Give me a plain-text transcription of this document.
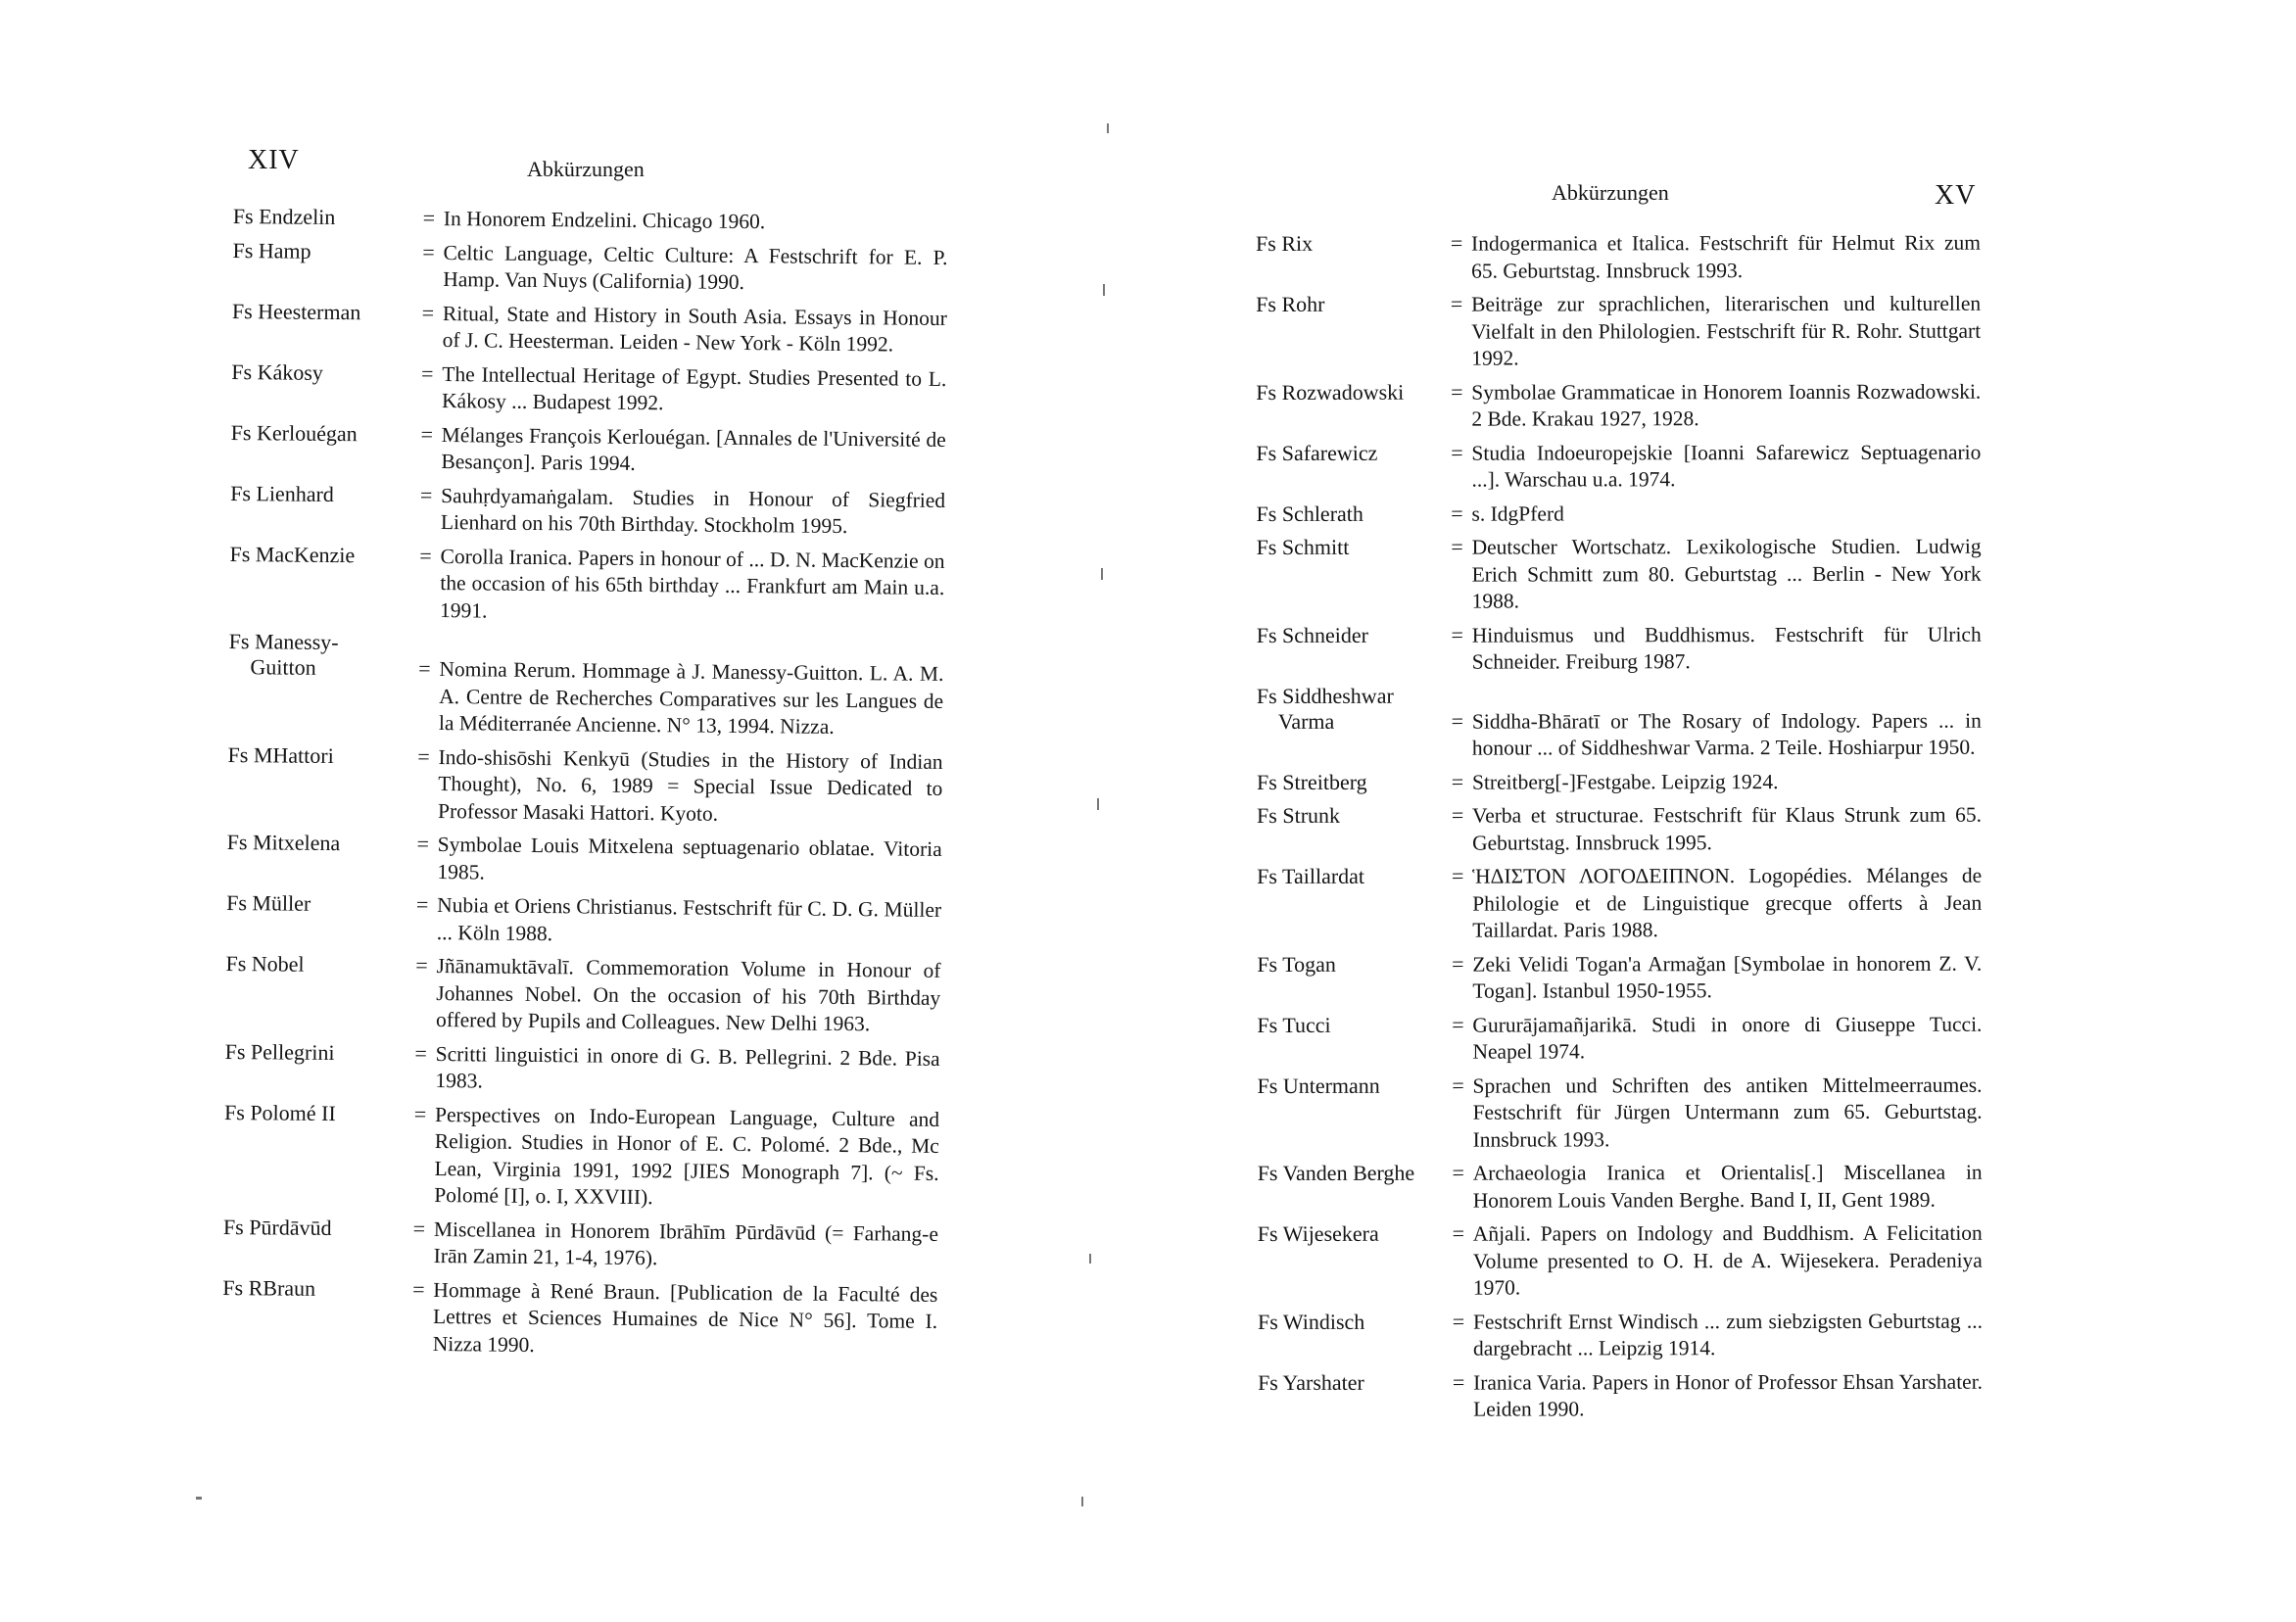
XIV	Abkürzungen
Fs Endzelin	= In Honorem Endzelini. Chicago 1960.
Fs Hamp	= Celtic Language, Celtic Culture: A Festschrift for E. P. Hamp. Van Nuys (California) 1990.
Fs Heesterman	= Ritual, State and History in South Asia. Essays in Honour of J. C. Heesterman. Leiden - New York - Köln 1992.
Fs Kákosy	= The Intellectual Heritage of Egypt. Studies Presented to L. Kákosy ... Budapest 1992.
Fs Kerlouégan	= Mélanges François Kerlouégan. [Annales de l'Université de Besançon]. Paris 1994.
Fs Lienhard	= Sauhṛdyamaṅgalam. Studies in Honour of Siegfried Lienhard on his 70th Birthday. Stockholm 1995.
Fs MacKenzie	= Corolla Iranica. Papers in honour of ... D. N. MacKenzie on the occasion of his 65th birthday ... Frankfurt am Main u.a. 1991.
Fs Manessy-
Guitton	= Nomina Rerum. Hommage à J. Manessy-Guitton. L. A. M. A. Centre de Recherches Comparatives sur les Langues de la Méditerranée Ancienne. N° 13, 1994. Nizza.
Fs MHattori	= Indo-shisōshi Kenkyū (Studies in the History of Indian Thought), No. 6, 1989 = Special Issue Dedicated to Professor Masaki Hattori. Kyoto.
Fs Mitxelena	= Symbolae Louis Mitxelena septuagenario oblatae. Vitoria 1985.
Fs Müller	= Nubia et Oriens Christianus. Festschrift für C. D. G. Müller ... Köln 1988.
Fs Nobel	= Jñānamuktāvalī. Commemoration Volume in Honour of Johannes Nobel. On the occasion of his 70th Birthday offered by Pupils and Colleagues. New Delhi 1963.
Fs Pellegrini	= Scritti linguistici in onore di G. B. Pellegrini. 2 Bde. Pisa 1983.
Fs Polomé II	= Perspectives on Indo-European Language, Culture and Religion. Studies in Honor of E. C. Polomé. 2 Bde., Mc Lean, Virginia 1991, 1992 [JIES Monograph 7]. (~ Fs. Polomé [I], o. I, XXVIII).
Fs Pūrdāvūd	= Miscellanea in Honorem Ibrāhīm Pūrdāvūd (= Farhang-e Irān Zamin 21, 1-4, 1976).
Fs RBraun	= Hommage à René Braun. [Publication de la Faculté des Lettres et Sciences Humaines de Nice N° 56]. Tome I. Nizza 1990.
Abkürzungen	XV
Fs Rix	= Indogermanica et Italica. Festschrift für Helmut Rix zum 65. Geburtstag. Innsbruck 1993.
Fs Rohr	= Beiträge zur sprachlichen, literarischen und kulturellen Vielfalt in den Philologien. Festschrift für R. Rohr. Stuttgart 1992.
Fs Rozwadowski	= Symbolae Grammaticae in Honorem Ioannis Rozwadowski. 2 Bde. Krakau 1927, 1928.
Fs Safarewicz	= Studia Indoeuropejskie [Ioanni Safarewicz Septuagenario ...]. Warschau u.a. 1974.
Fs Schlerath	= s. IdgPferd
Fs Schmitt	= Deutscher Wortschatz. Lexikologische Studien. Ludwig Erich Schmitt zum 80. Geburtstag ... Berlin - New York 1988.
Fs Schneider	= Hinduismus und Buddhismus. Festschrift für Ulrich Schneider. Freiburg 1987.
Fs Siddheshwar
Varma	= Siddha-Bhāratī or The Rosary of Indology. Papers ... in honour ... of Siddheshwar Varma. 2 Teile. Hoshiarpur 1950.
Fs Streitberg	= Streitberg[-]Festgabe. Leipzig 1924.
Fs Strunk	= Verba et structurae. Festschrift für Klaus Strunk zum 65. Geburtstag. Innsbruck 1995.
Fs Taillardat	= ἩΔΙΣΤΟΝ ΛΟΓΟΔΕΙΠΝΟΝ. Logopédies. Mélanges de Philologie et de Linguistique grecque offerts à Jean Taillardat. Paris 1988.
Fs Togan	= Zeki Velidi Togan'a Armağan [Symbolae in honorem Z. V. Togan]. Istanbul 1950-1955.
Fs Tucci	= Gururājamañjarikā. Studi in onore di Giuseppe Tucci. Neapel 1974.
Fs Untermann	= Sprachen und Schriften des antiken Mittelmeerraumes. Festschrift für Jürgen Untermann zum 65. Geburtstag. Innsbruck 1993.
Fs Vanden Berghe	= Archaeologia Iranica et Orientalis[.] Miscellanea in Honorem Louis Vanden Berghe. Band I, II, Gent 1989.
Fs Wijesekera	= Añjali. Papers on Indology and Buddhism. A Felicitation Volume presented to O. H. de A. Wijesekera. Peradeniya 1970.
Fs Windisch	= Festschrift Ernst Windisch ... zum siebzigsten Geburtstag ... dargebracht ... Leipzig 1914.
Fs Yarshater	= Iranica Varia. Papers in Honor of Professor Ehsan Yarshater. Leiden 1990.
